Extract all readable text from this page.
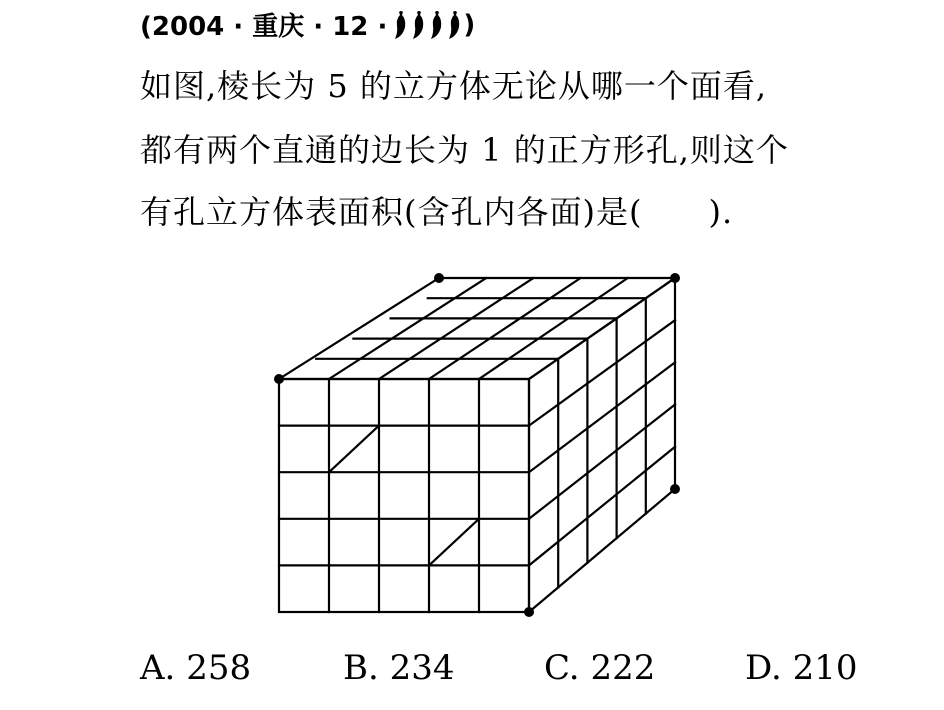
(2004 · 重庆 · 12 ·	)
如图,棱长为 5 的立方体无论从哪一个面看,
都有两个直通的边长为 1 的正方形孔,则这个
有孔立方体表面积(含孔内各面)是(　　).
A. 258	B. 234	C. 222	D. 210
